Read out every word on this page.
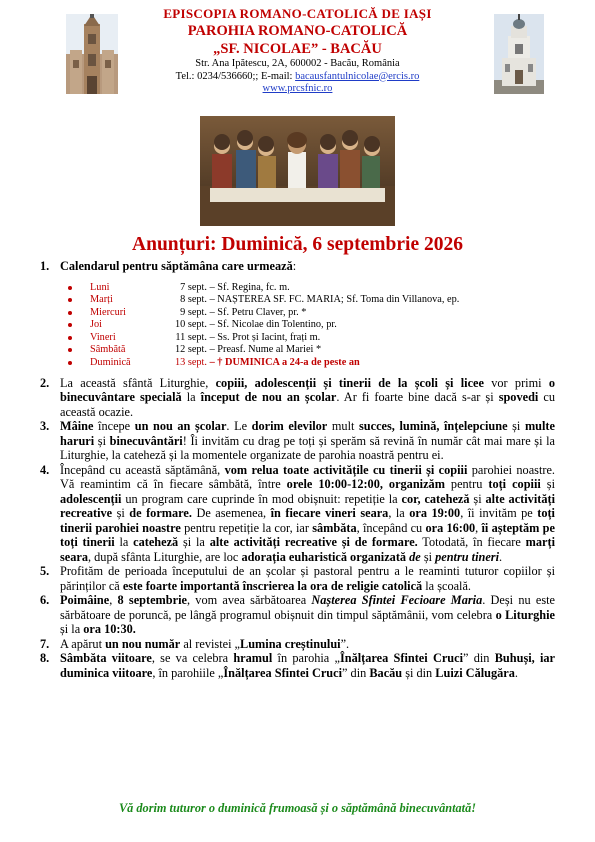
EPISCOPIA ROMANO-CATOLICĂ DE IAȘI
PAROHIA ROMANO-CATOLICĂ
„SF. NICOLAE” - BACĂU
Str. Ana Ipătescu, 2A, 600002 - Bacău, România
Tel.: 0234/536660;; E-mail: bacausfantulnicolae@ercis.ro
www.prcsfnic.ro
Anunțuri: Duminică, 6 septembrie 2026
1. Calendarul pentru săptămâna care urmează:
Luni	7 sept. – Sf. Regina, fc. m.
Marți	8 sept. – NAȘTEREA SF. FC. MARIA; Sf. Toma din Villanova, ep.
Miercuri	9 sept. – Sf. Petru Claver, pr. *
Joi	10 sept. – Sf. Nicolae din Tolentino, pr.
Vineri	11 sept. – Ss. Prot și Iacint, frați m.
Sâmbătă	12 sept. – Preasf. Nume al Mariei *
Duminică	13 sept. – † DUMINICA a 24-a de peste an
2. La această sfântă Liturghie, copiii, adolescenții și tinerii de la școli și licee vor primi o binecuvântare specială la început de nou an școlar. Ar fi foarte bine dacă s-ar și spovedi cu această ocazie.
3. Mâine începe un nou an școlar. Le dorim elevilor mult succes, lumină, înțelepciune și multe haruri și binecuvântări! Îi invităm cu drag pe toți și sperăm să revină în număr cât mai mare și la Liturghie, la cateheză și la momentele organizate de parohia noastră pentru ei.
4. Începând cu această săptămână, vom relua toate activitățile cu tinerii și copiii parohiei noastre. Vă reamintim că în fiecare sâmbătă, între orele 10:00-12:00, organizăm pentru toți copiii și adolescenții un program care cuprinde în mod obișnuit: repetiție la cor, cateheză și alte activități recreative și de formare. De asemenea, în fiecare vineri seara, la ora 19:00, îi invităm pe toți tinerii parohiei noastre pentru repetiție la cor, iar sâmbăta, începând cu ora 16:00, îi așteptăm pe toți tinerii la cateheză și la alte activități recreative și de formare. Totodată, în fiecare marți seara, după sfânta Liturghie, are loc adorația euharistică organizată de și pentru tineri.
5. Profităm de perioada începutului de an școlar și pastoral pentru a le reaminti tuturor copiilor și părinților că este foarte importantă înscrierea la ora de religie catolică la școală.
6. Poimâine, 8 septembrie, vom avea sărbătoarea Nașterea Sfintei Fecioare Maria. Deși nu este sărbătoare de poruncă, pe lângă programul obișnuit din timpul săptămânii, vom celebra o Liturghie și la ora 10:30.
7. A apărut un nou număr al revistei „Lumina creștinului”.
8. Sâmbăta viitoare, se va celebra hramul în parohia „Înălțarea Sfintei Cruci” din Buhuși, iar duminica viitoare, în parohiile „Înălțarea Sfintei Cruci” din Bacău și din Luizi Călugăra.
Vă dorim tuturor o duminică frumoasă și o săptămână binecuvântată!
